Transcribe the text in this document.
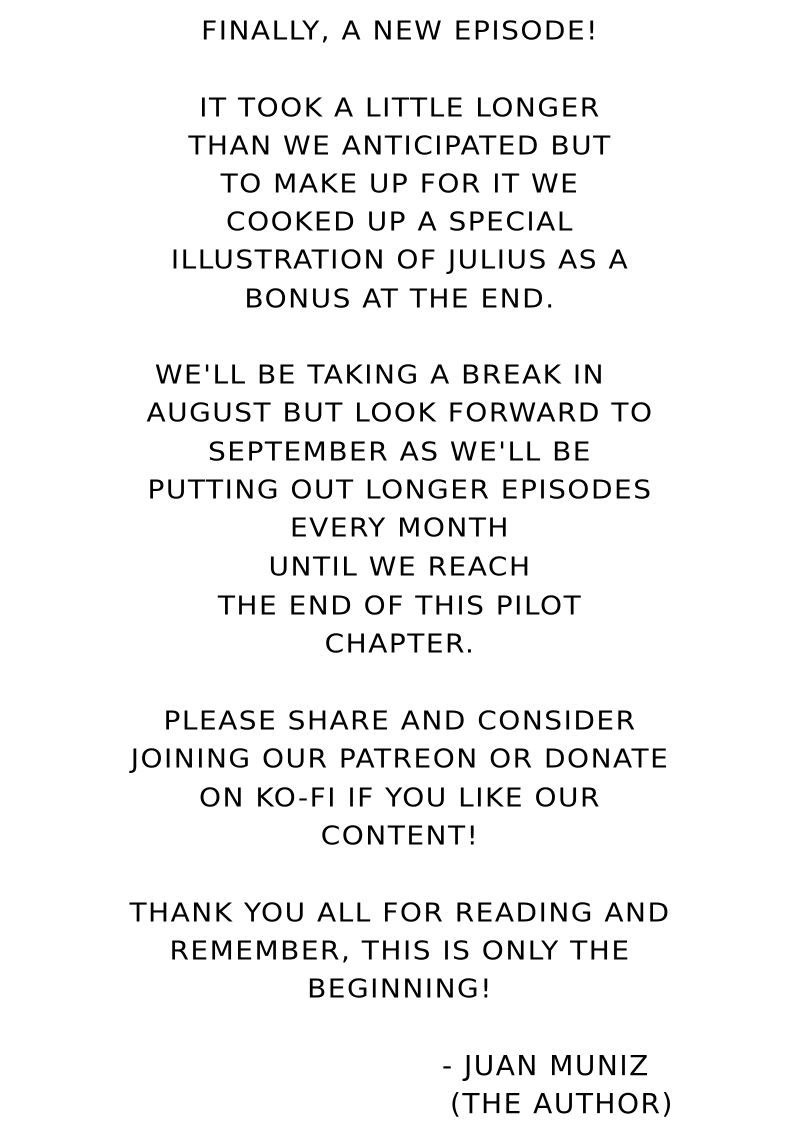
FINALLY, A NEW EPISODE!
IT TOOK A LITTLE LONGER
THAN WE ANTICIPATED BUT
TO MAKE UP FOR IT WE
COOKED UP A SPECIAL
ILLUSTRATION OF JULIUS AS A
BONUS AT THE END.
WE'LL BE TAKING A BREAK IN
AUGUST BUT LOOK FORWARD TO
SEPTEMBER AS WE'LL BE
PUTTING OUT LONGER EPISODES
EVERY MONTH
UNTIL WE REACH
THE END OF THIS PILOT
CHAPTER.
PLEASE SHARE AND CONSIDER
JOINING OUR PATREON OR DONATE
ON KO-FI IF YOU LIKE OUR
CONTENT!
THANK YOU ALL FOR READING AND
REMEMBER, THIS IS ONLY THE
BEGINNING!
- JUAN MUNIZ
(THE AUTHOR)
